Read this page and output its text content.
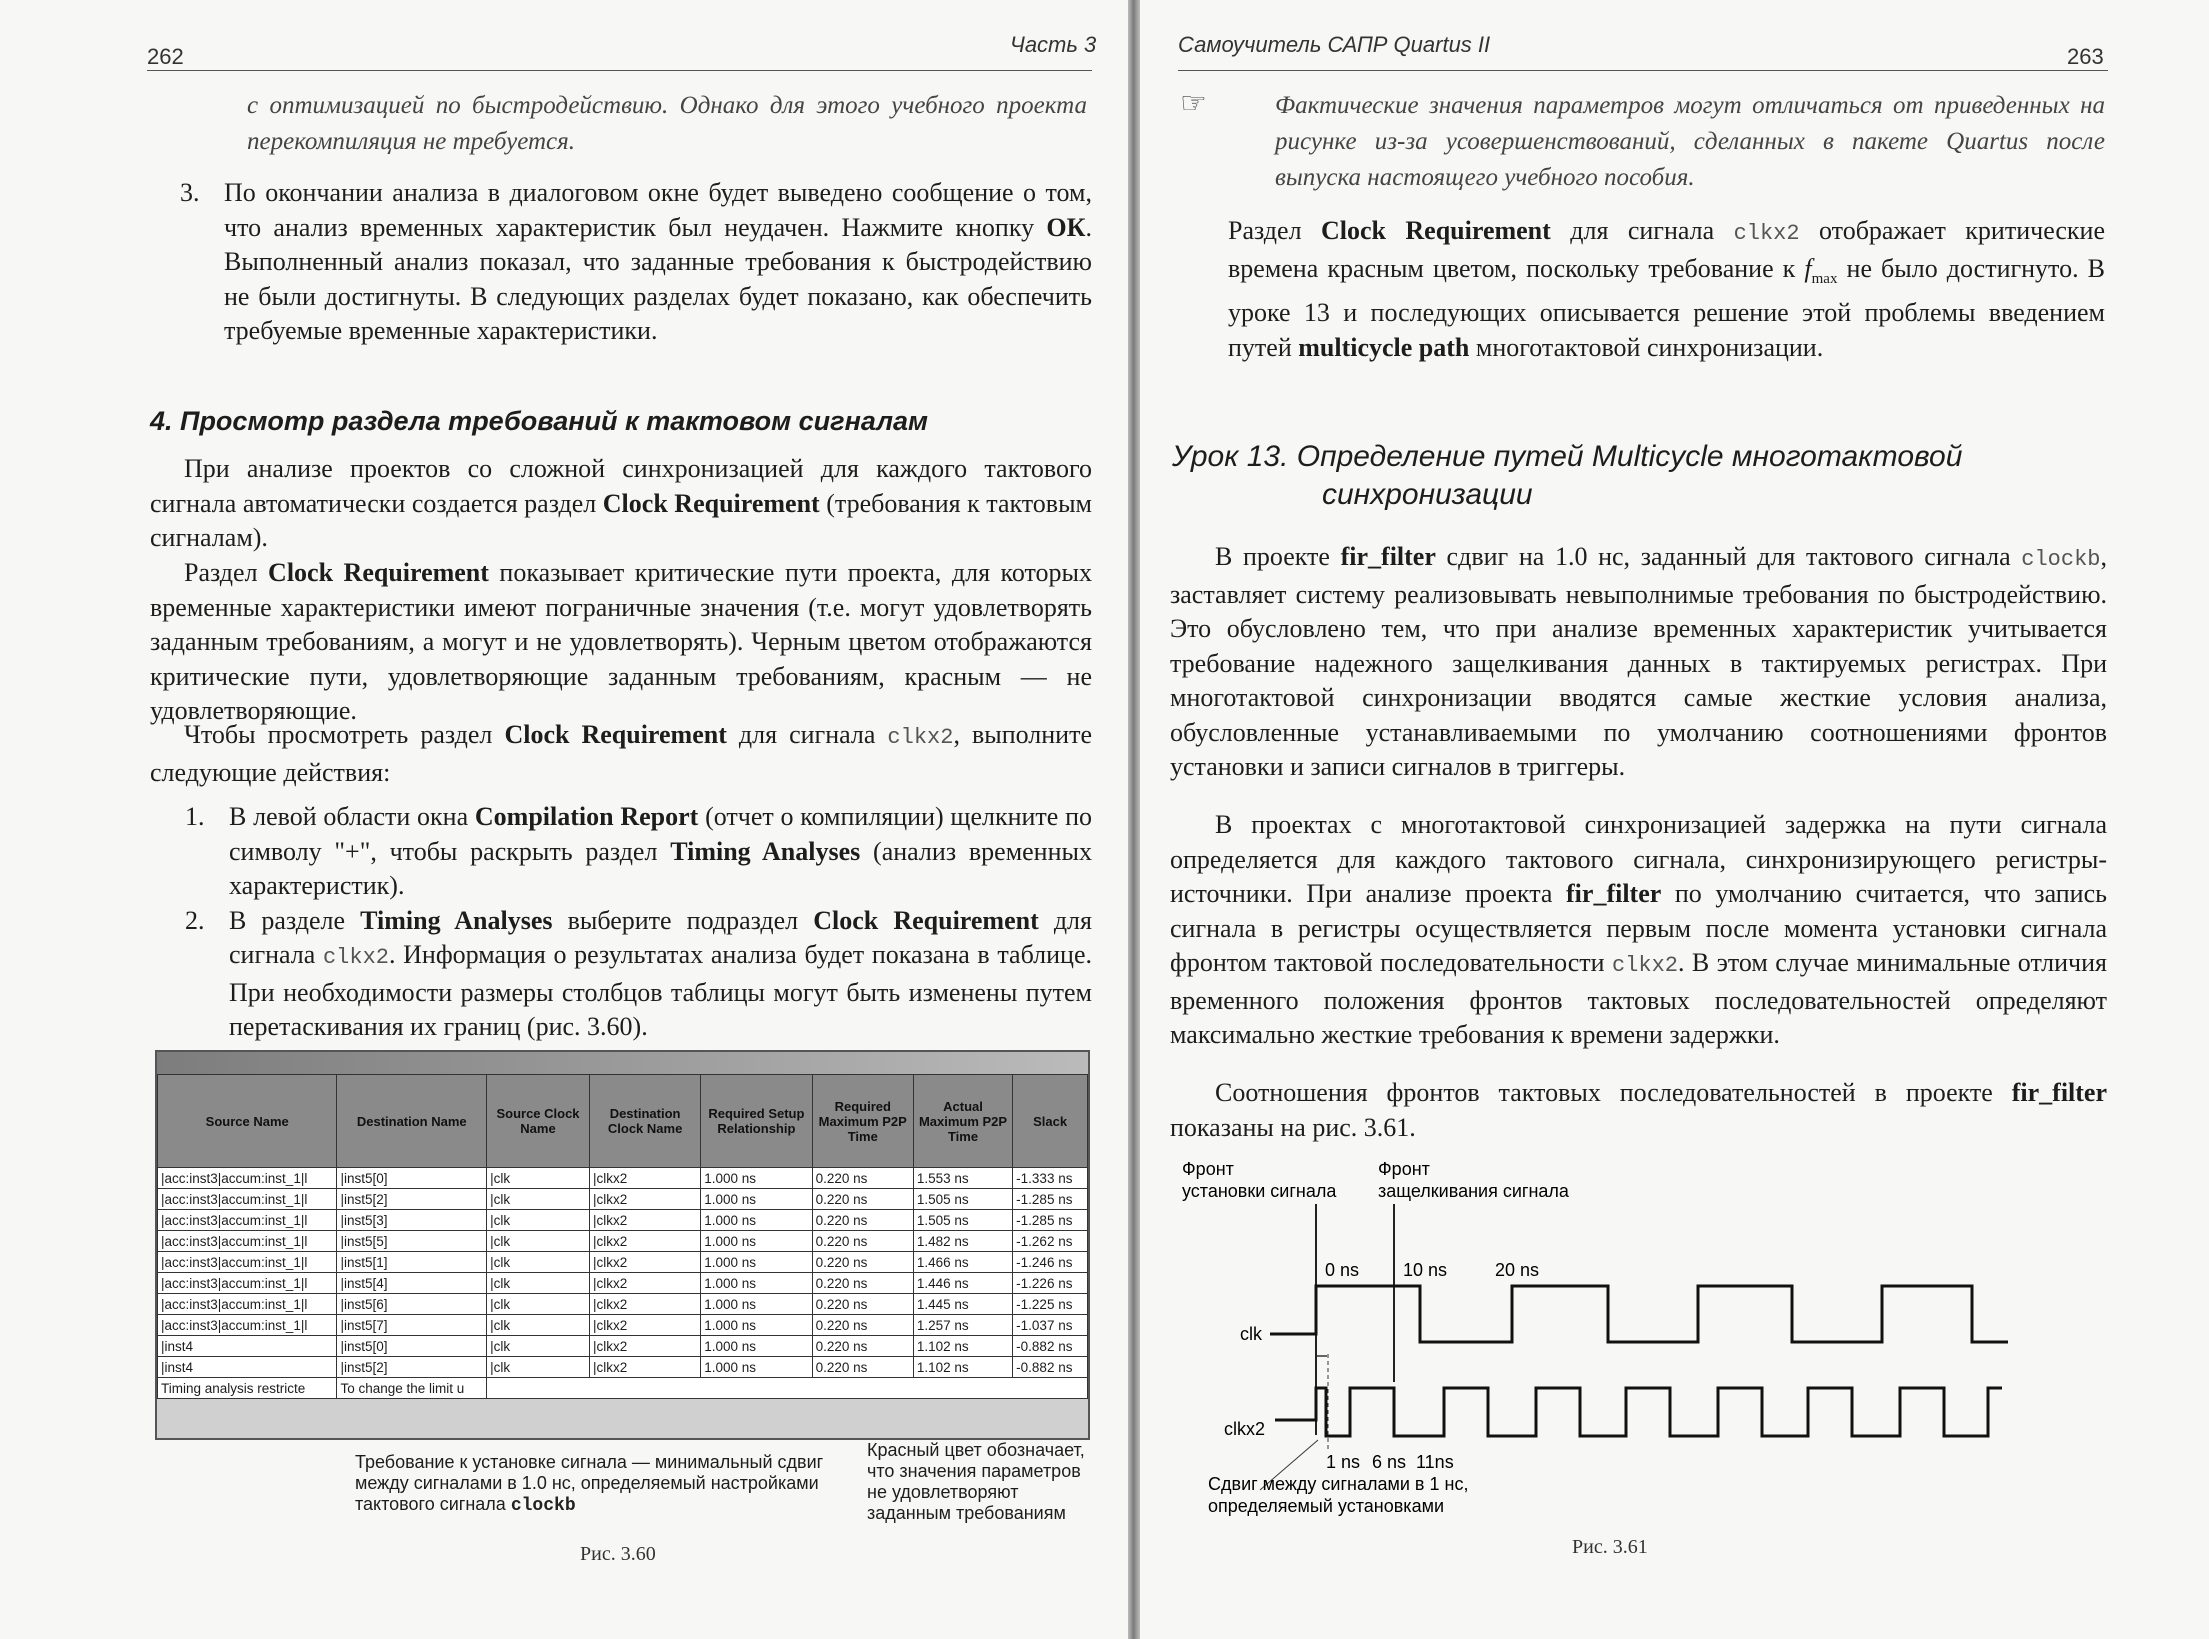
262	Часть 3

с оптимизацией по быстродействию. Однако для этого учебного проекта перекомпиляция не требуется.

3. По окончании анализа в диалоговом окне будет выведено сообщение о том, что анализ временных характеристик был неудачен. Нажмите кнопку ОК. Выполненный анализ показал, что заданные требования к быстродействию не были достигнуты. В следующих разделах будет показано, как обеспечить требуемые временные характеристики.
4. Просмотр раздела требований к тактовом сигналам

При анализе проектов со сложной синхронизацией для каждого тактового сигнала автоматически создается раздел Clock Requirement (требования к тактовым сигналам).

Раздел Clock Requirement показывает критические пути проекта, для которых временные характеристики имеют пограничные значения (т.е. могут удовлетворять заданным требованиям, а могут и не удовлетворять). Черным цветом отображаются критические пути, удовлетворяющие заданным требованиям, красным — не удовлетворяющие.

Чтобы просмотреть раздел Clock Requirement для сигнала clkx2, выполните следующие действия:

1. В левой области окна Compilation Report (отчет о компиляции) щелкните по символу "+", чтобы раскрыть раздел Timing Analyses (анализ временных характеристик).
2. В разделе Timing Analyses выберите подраздел Clock Requirement для сигнала clkx2. Информация о результатах анализа будет показана в таблице. При необходимости размеры столбцов таблицы могут быть изменены путем перетаскивания их границ (рис. 3.60).
Source Name	Destination Name	Source Clock Name	Destination Clock Name	Required Setup Relationship	Required Maximum P2P Time	Actual Maximum P2P Time	Slack
|acc:inst3|accum:inst_1|l	|inst5[0]	|clk	|clkx2	1.000 ns	0.220 ns	1.553 ns	-1.333 ns
|acc:inst3|accum:inst_1|l	|inst5[2]	|clk	|clkx2	1.000 ns	0.220 ns	1.505 ns	-1.285 ns
|acc:inst3|accum:inst_1|l	|inst5[3]	|clk	|clkx2	1.000 ns	0.220 ns	1.505 ns	-1.285 ns
|acc:inst3|accum:inst_1|l	|inst5[5]	|clk	|clkx2	1.000 ns	0.220 ns	1.482 ns	-1.262 ns
|acc:inst3|accum:inst_1|l	|inst5[1]	|clk	|clkx2	1.000 ns	0.220 ns	1.466 ns	-1.246 ns
|acc:inst3|accum:inst_1|l	|inst5[4]	|clk	|clkx2	1.000 ns	0.220 ns	1.446 ns	-1.226 ns
|acc:inst3|accum:inst_1|l	|inst5[6]	|clk	|clkx2	1.000 ns	0.220 ns	1.445 ns	-1.225 ns
|acc:inst3|accum:inst_1|l	|inst5[7]	|clk	|clkx2	1.000 ns	0.220 ns	1.257 ns	-1.037 ns
|inst4	|inst5[0]	|clk	|clkx2	1.000 ns	0.220 ns	1.102 ns	-0.882 ns
|inst4	|inst5[2]	|clk	|clkx2	1.000 ns	0.220 ns	1.102 ns	-0.882 ns
Timing analysis restricte	To change the limit u						
Требование к установке сигнала — минимальный сдвиг между сигналами в 1.0 нс, определяемый настройками тактового сигнала clockb
Красный цвет обозначает, что значения параметров не удовлетворяют заданным требованиям
Рис. 3.60
Самоучитель САПР Quartus II	263
☞	Фактические значения параметров могут отличаться от приведенных на рисунке из-за усовершенствований, сделанных в пакете Quartus после выпуска настоящего учебного пособия.

Раздел Clock Requirement для сигнала clkx2 отображает критические времена красным цветом, поскольку требование к $f_{max}$ не было достигнуто. В уроке 13 и последующих описывается решение этой проблемы введением путей multicycle path многотактовой синхронизации.

Урок 13. Определение путей Multicycle многотактовой
синхронизации

В проекте fir_filter сдвиг на 1.0 нс, заданный для тактового сигнала clockb, заставляет систему реализовывать невыполнимые требования по быстродействию. Это обусловлено тем, что при анализе временных характеристик учитывается требование надежного защелкивания данных в тактируемых регистрах. При многотактовой синхронизации вводятся самые жесткие условия анализа, обусловленные устанавливаемыми по умолчанию соотношениями фронтов установки и записи сигналов в триггеры.

В проектах с многотактовой синхронизацией задержка на пути сигнала определяется для каждого тактового сигнала, синхронизирующего регистры-источники. При анализе проекта fir_filter по умолчанию считается, что запись сигнала в регистры осуществляется первым после момента установки сигнала фронтом тактовой последовательности clkx2. В этом случае минимальные отличия временного положения фронтов тактовых последовательностей определяют максимально жесткие требования к времени задержки.

Соотношения фронтов тактовых последовательностей в проекте fir_filter показаны на рис. 3.61.

Фронт
установки сигнала
Фронт
защелкивания сигнала
0 ns 10 ns	20 ns
clk
clkx2
1 ns 6 ns 11ns
Сдвиг между сигналами в 1 нс,
определяемый установками
Рис. 3.61
